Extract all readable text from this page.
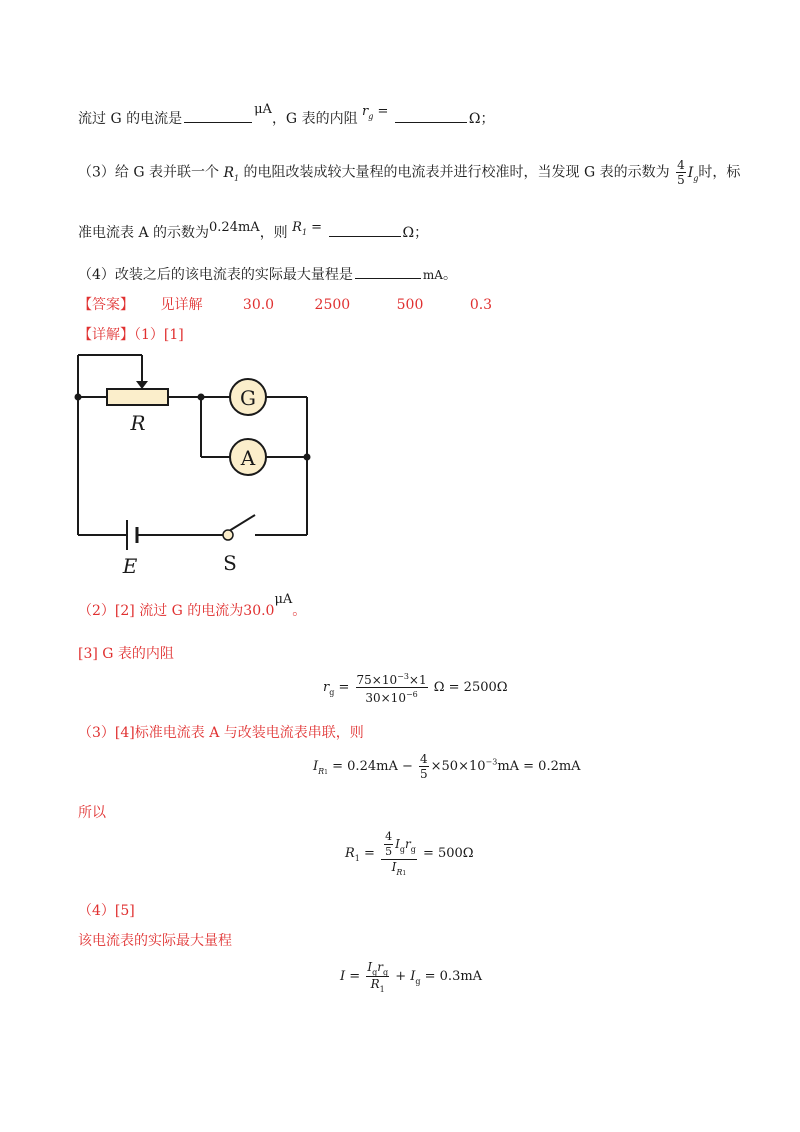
流过 G 的电流是μA，G 表的内阻 $r_g$ =	Ω；
（3）给 G 表并联一个 $R_1$ 的电阻改装成较大量程的电流表并进行校准时，当发现 G 表的示数为 $\frac{4}{5} I_g$时，标
准电流表 A 的示数为0.24mA，则 $R_1$ =	Ω；
（4）改装之后的该电流表的实际最大量程是	mA。
【答案】 见详解	30.0	2500	500	0.3
【详解】（1）[1]
G
A
R
E	S
（2）[2] 流过 G 的电流为30.0μA。
[3] G 表的内阻
$r_g = \frac{75\times 10^{-3}\times 1}{30\times 10^{-6}}$ Ω = 2500Ω
（3）[4]标准电流表 A 与改装电流表串联，则
$I_{R1} = 0.24mA - \frac{4}{5} \times 50\times 10^{-3}mA = 0.2mA$
所以
$R_1 = \frac{\frac{4}{5} I_gr_g}{I_{R1}} = 500\Omega$
（4）[5]
该电流表的实际最大量程
$I = \frac{I_gr_g}{R_1} + I_g = 0.3mA$
